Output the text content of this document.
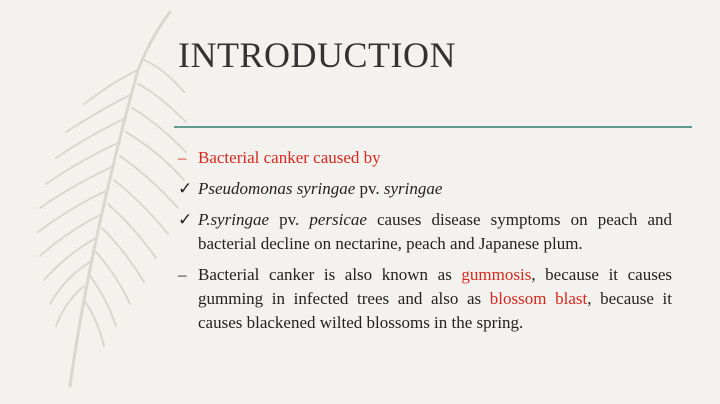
INTRODUCTION
– Bacterial canker caused by
✓ Pseudomonas syringae pv. syringae
✓ P.syringae pv. persicae causes disease symptoms on peach and bacterial decline on nectarine, peach and Japanese plum.
– Bacterial canker is also known as gummosis, because it causes gumming in infected trees and also as blossom blast, because it causes blackened wilted blossoms in the spring.
